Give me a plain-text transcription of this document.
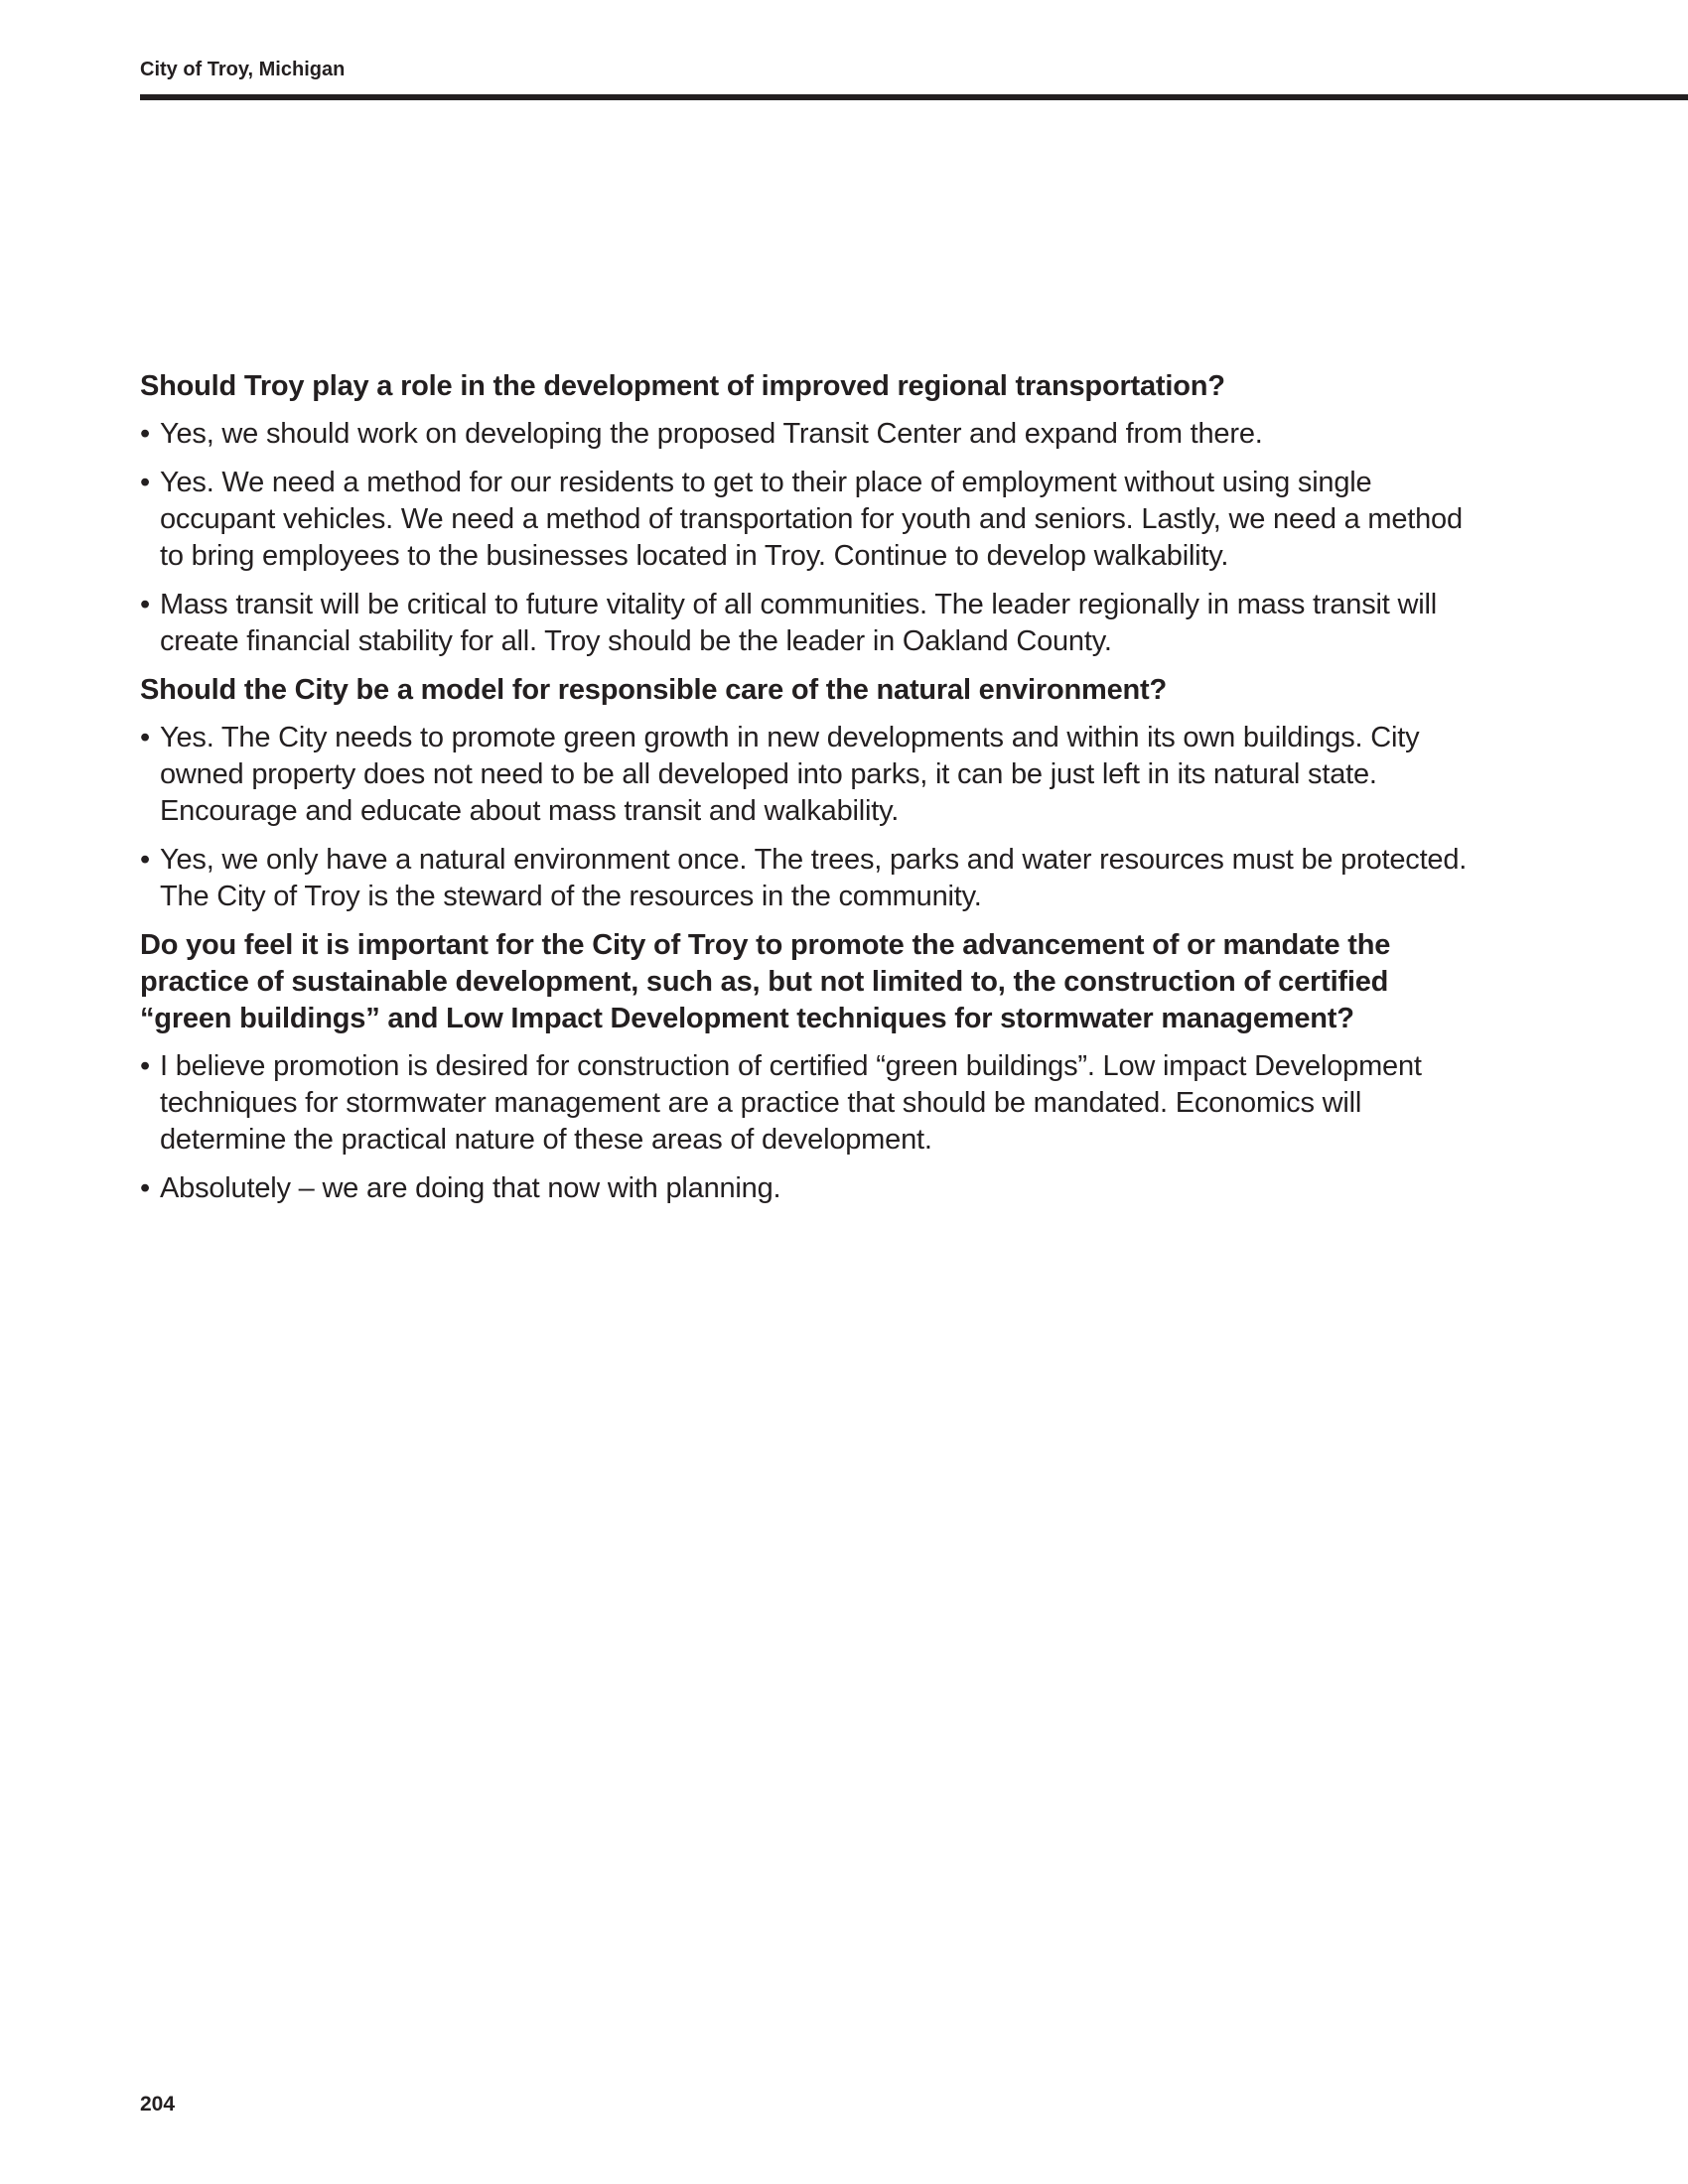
City of Troy, Michigan

Should Troy play a role in the development of improved regional transportation?

• Yes, we should work on developing the proposed Transit Center and expand from there.
• Yes. We need a method for our residents to get to their place of employment without using single occupant vehicles. We need a method of transportation for youth and seniors. Lastly, we need a method to bring employees to the businesses located in Troy. Continue to develop walkability.
• Mass transit will be critical to future vitality of all communities. The leader regionally in mass transit will create financial stability for all. Troy should be the leader in Oakland County.

Should the City be a model for responsible care of the natural environment?

• Yes. The City needs to promote green growth in new developments and within its own buildings. City owned property does not need to be all developed into parks, it can be just left in its natural state. Encourage and educate about mass transit and walkability.
• Yes, we only have a natural environment once. The trees, parks and water resources must be protected. The City of Troy is the steward of the resources in the community.

Do you feel it is important for the City of Troy to promote the advancement of or mandate the practice of sustainable development, such as, but not limited to, the construction of certified “green buildings” and Low Impact Development techniques for stormwater management?

• I believe promotion is desired for construction of certified “green buildings”. Low impact Development techniques for stormwater management are a practice that should be mandated. Economics will determine the practical nature of these areas of development.
• Absolutely – we are doing that now with planning.
204
